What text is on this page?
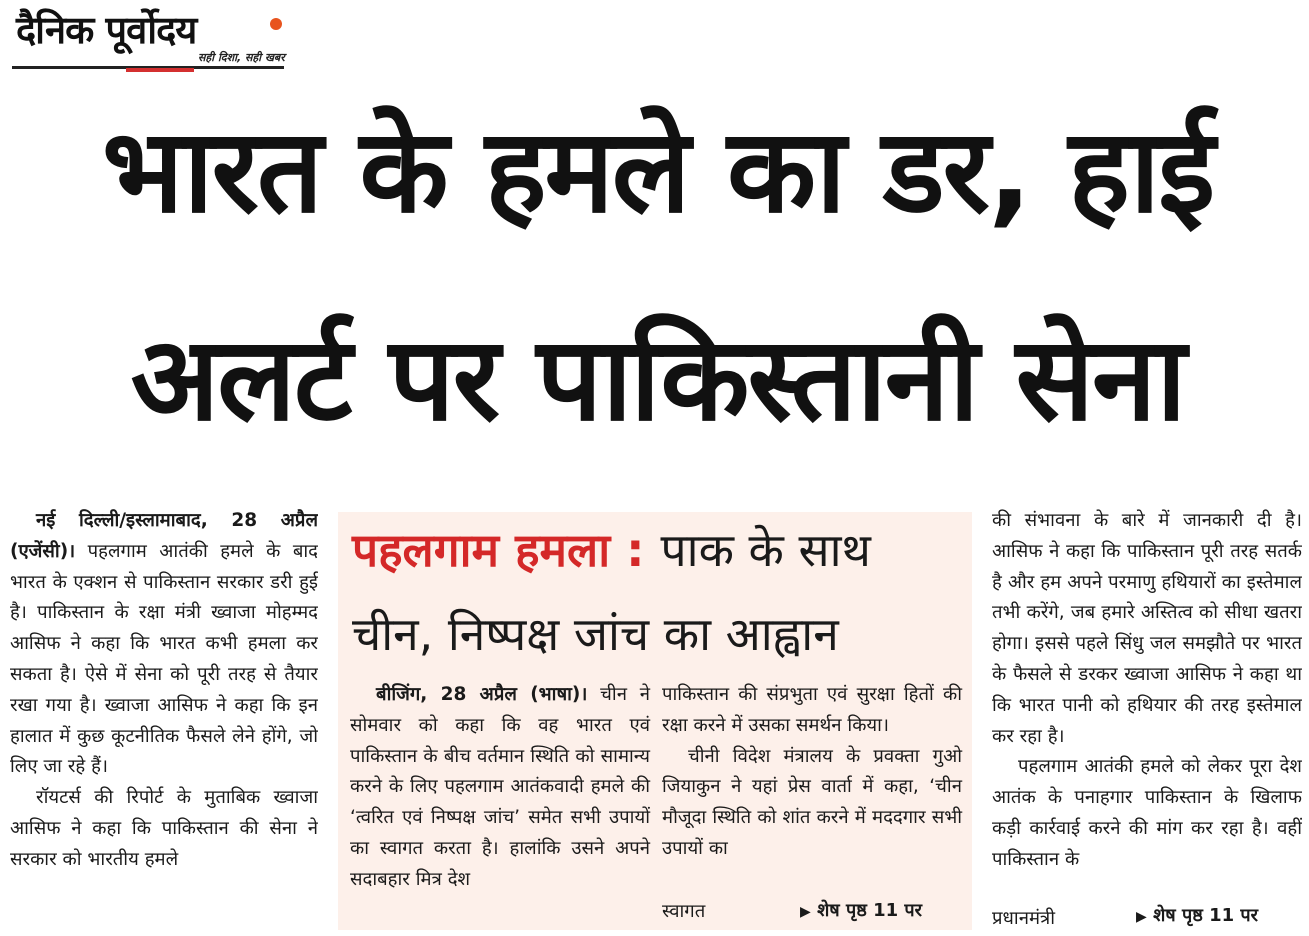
दैनिक पूर्वोदय
सही दिशा, सही खबर
भारत के हमले का डर, हाई
अलर्ट पर पाकिस्तानी सेना

नई दिल्ली/इस्लामाबाद, 28 अप्रैल (एजेंसी)। पहलगाम आतंकी हमले के बाद भारत के एक्शन से पाकिस्तान सरकार डरी हुई है। पाकिस्तान के रक्षा मंत्री ख्वाजा मोहम्मद आसिफ ने कहा कि भारत कभी हमला कर सकता है। ऐसे में सेना को पूरी तरह से तैयार रखा गया है। ख्वाजा आसिफ ने कहा कि इन हालात में कुछ कूटनीतिक फैसले लेने होंगे, जो लिए जा रहे हैं।

रॉयटर्स की रिपोर्ट के मुताबिक ख्वाजा आसिफ ने कहा कि पाकिस्तान की सेना ने सरकार को भारतीय हमले

पहलगाम हमला : पाक के साथ
चीन, निष्पक्ष जांच का आह्वान

बीजिंग, 28 अप्रैल (भाषा)। चीन ने सोमवार को कहा कि वह भारत एवं पाकिस्तान के बीच वर्तमान स्थिति को सामान्य करने के लिए पहलगाम आतंकवादी हमले की ‘त्वरित एवं निष्पक्ष जांच’ समेत सभी उपायों का स्वागत करता है। हालांकि उसने अपने सदाबहार मित्र देश

पाकिस्तान की संप्रभुता एवं सुरक्षा हितों की रक्षा करने में उसका समर्थन किया।

चीनी विदेश मंत्रालय के प्रवक्ता गुओ जियाकुन ने यहां प्रेस वार्ता में कहा, ‘चीन मौजूदा स्थिति को शांत करने में मददगार सभी उपायों का

स्वागत	▶ शेष पृष्ठ 11 पर

की संभावना के बारे में जानकारी दी है। आसिफ ने कहा कि पाकिस्तान पूरी तरह सतर्क है और हम अपने परमाणु हथियारों का इस्तेमाल तभी करेंगे, जब हमारे अस्तित्व को सीधा खतरा होगा। इससे पहले सिंधु जल समझौते पर भारत के फैसले से डरकर ख्वाजा आसिफ ने कहा था कि भारत पानी को हथियार की तरह इस्तेमाल कर रहा है।

पहलगाम आतंकी हमले को लेकर पूरा देश आतंक के पनाहगार पाकिस्तान के खिलाफ कड़ी कार्रवाई करने की मांग कर रहा है। वहीं पाकिस्तान के

प्रधानमंत्री	▶ शेष पृष्ठ 11 पर
